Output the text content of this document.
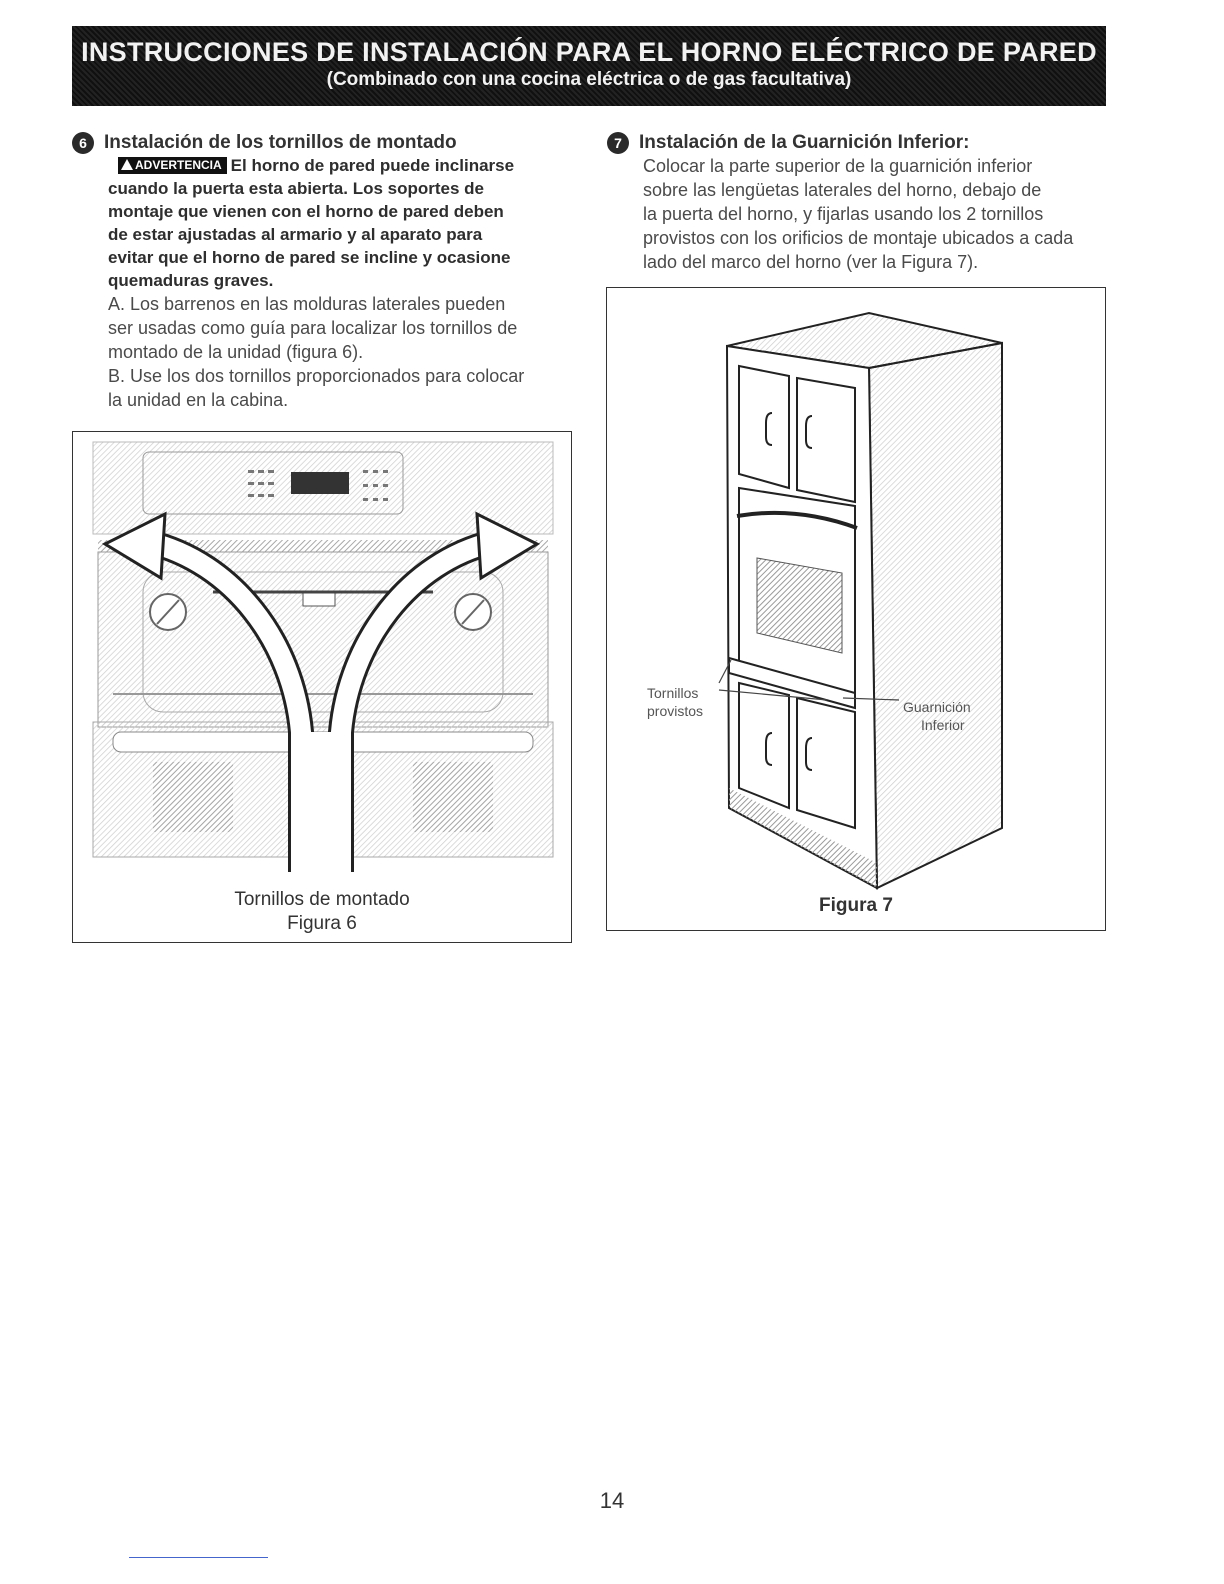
INSTRUCCIONES DE INSTALACIÓN PARA EL HORNO ELÉCTRICO DE PARED
(Combinado con una cocina eléctrica o de gas facultativa)
6 Instalación de los tornillos de montado
ADVERTENCIA El horno de pared puede inclinarse
cuando la puerta esta abierta. Los soportes de
montaje que vienen con el horno de pared deben
de estar ajustadas al armario y al aparato para
evitar que el horno de pared se incline y ocasione
quemaduras graves.
A. Los barrenos en las molduras laterales pueden
ser usadas como guía para localizar los tornillos de
montado de la unidad (figura 6).
B. Use los dos tornillos proporcionados para colocar
la unidad en la cabina.
Tornillos de montado
Figura 6
7 Instalación de la Guarnición Inferior:
Colocar la parte superior de la guarnición inferior
sobre las lengüetas laterales del horno, debajo de
la puerta del horno, y fijarlas usando los 2 tornillos
provistos con los orificios de montaje ubicados a cada
lado del marco del horno (ver la Figura 7).
Tornillos
provistos	Guarnición
Inferior
Figura 7
14
